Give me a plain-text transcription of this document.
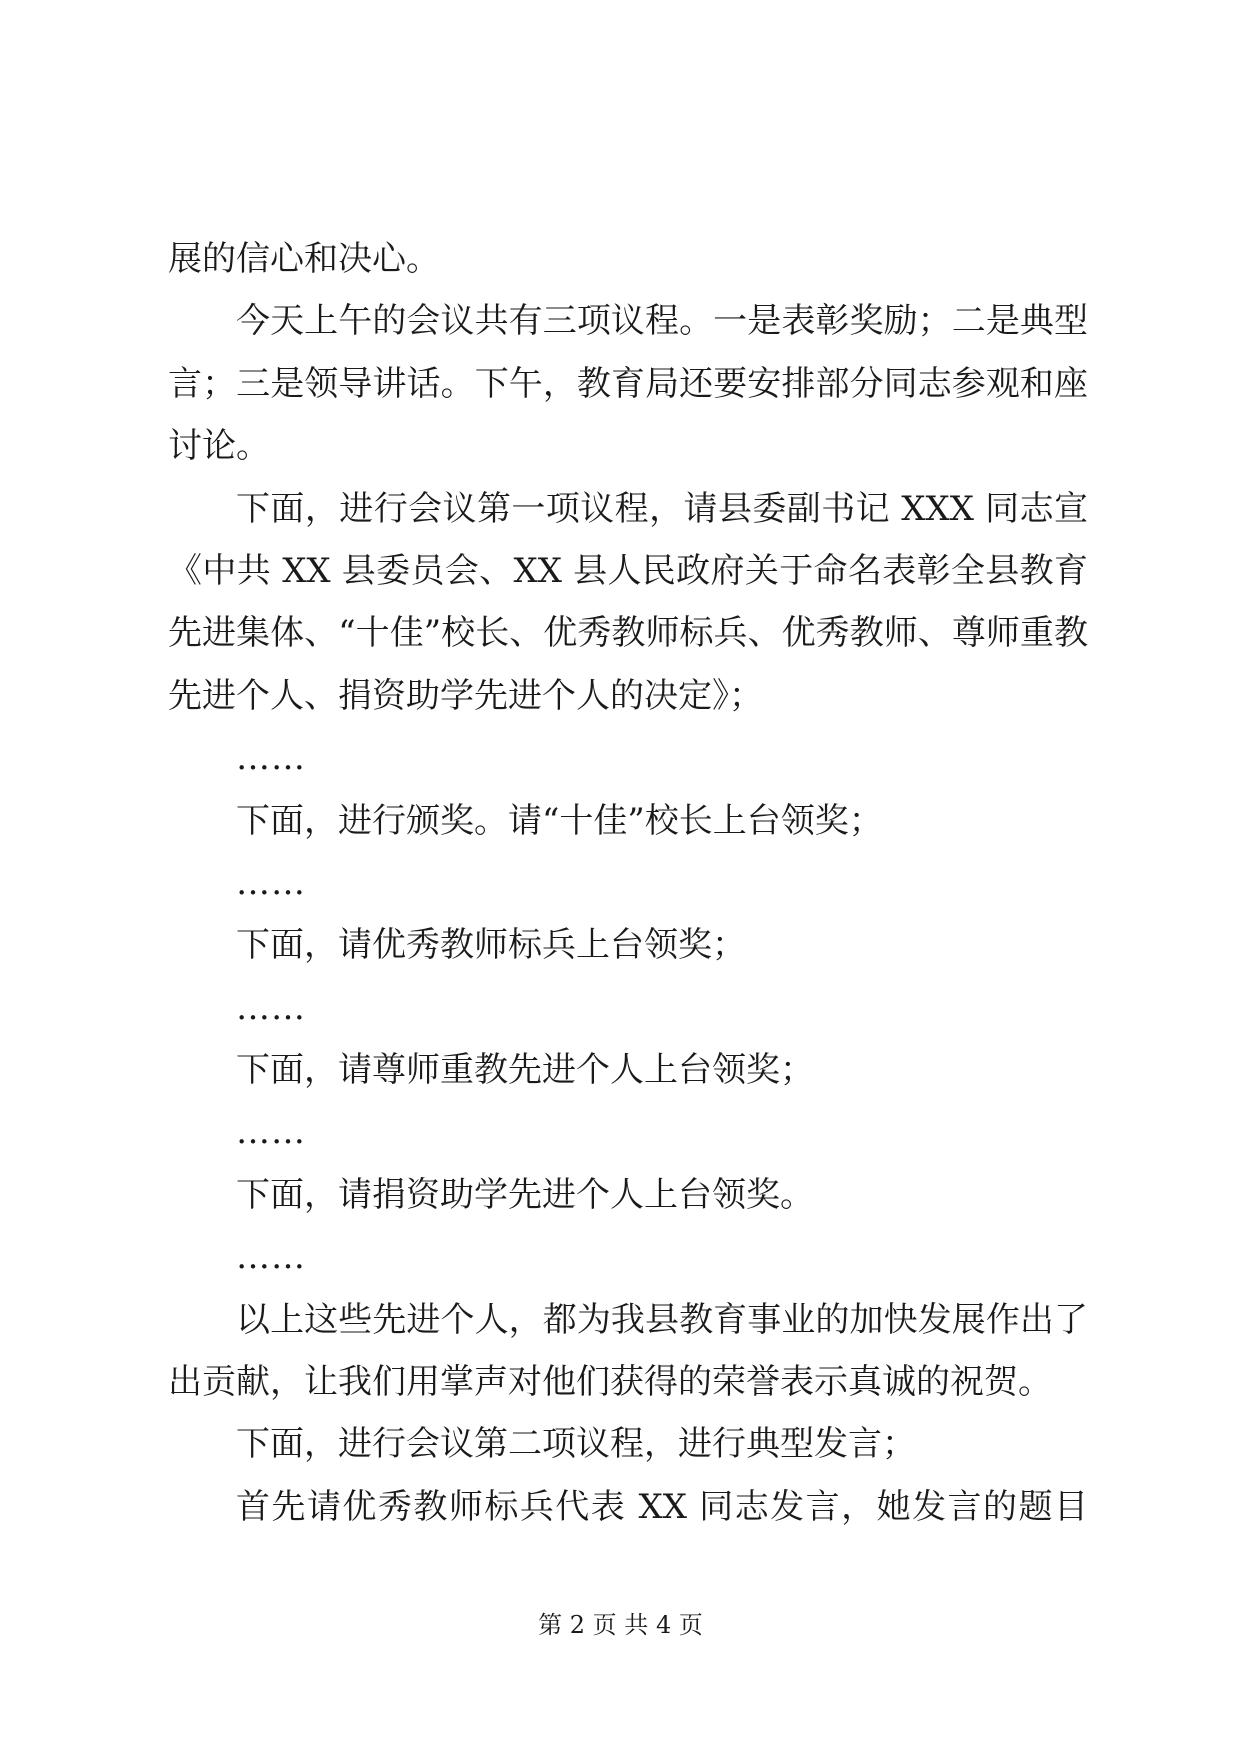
展的信心和决心。
今天上午的会议共有三项议程。一是表彰奖励；二是典型
言；三是领导讲话。下午，教育局还要安排部分同志参观和座
讨论。
下面，进行会议第一项议程，请县委副书记 XXX 同志宣
《中共 XX 县委员会、XX 县人民政府关于命名表彰全县教育
先进集体、“十佳”校长、优秀教师标兵、优秀教师、尊师重教
先进个人、捐资助学先进个人的决定》；
……
下面，进行颁奖。请“十佳”校长上台领奖；
……
下面，请优秀教师标兵上台领奖；
……
下面，请尊师重教先进个人上台领奖；
……
下面，请捐资助学先进个人上台领奖。
……
以上这些先进个人，都为我县教育事业的加快发展作出了
出贡献，让我们用掌声对他们获得的荣誉表示真诚的祝贺。
下面，进行会议第二项议程，进行典型发言；
首先请优秀教师标兵代表 XX 同志发言，她发言的题目
第 2 页 共 4 页
